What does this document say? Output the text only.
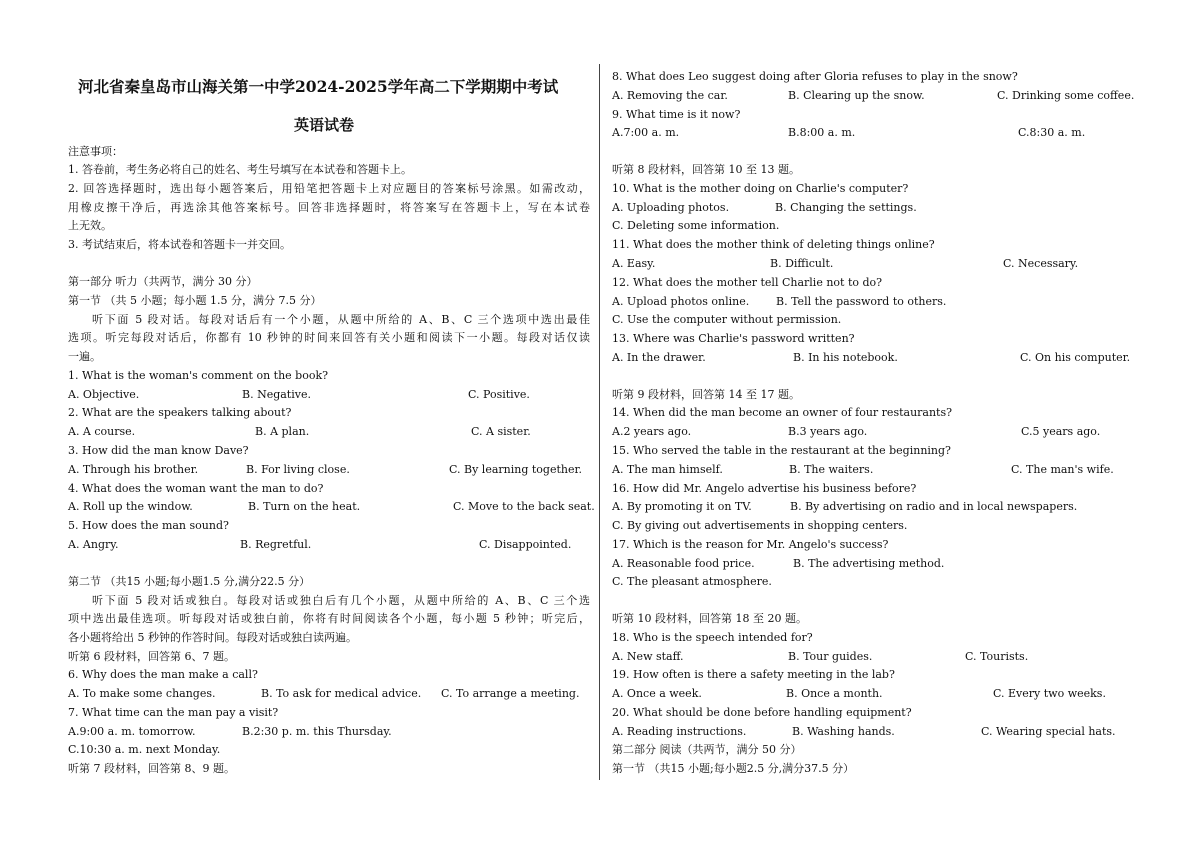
河北省秦皇岛市山海关第一中学2024-2025学年高二下学期期中考试
英语试卷
注意事项：
1. 答卷前，考生务必将自己的姓名、考生号填写在本试卷和答题卡上。
2. 回答选择题时，选出每小题答案后，用铅笔把答题卡上对应题目的答案标号涂黑。如需改动，
用橡皮擦干净后，再选涂其他答案标号。回答非选择题时，将答案写在答题卡上，写在本试卷
上无效。
3. 考试结束后，将本试卷和答题卡一并交回。
第一部分 听力（共两节，满分 30 分）
第一节 （共 5 小题；每小题 1.5 分，满分 7.5 分）
听下面 5 段对话。每段对话后有一个小题，从题中所给的 A、B、C 三个选项中选出最佳
选项。听完每段对话后，你都有 10 秒钟的时间来回答有关小题和阅读下一小题。每段对话仅读
一遍。
1. What is the woman's comment on the book?
A. Objective.	B. Negative.	C. Positive.
2. What are the speakers talking about?
A. A course.	B. A plan.	C. A sister.
3. How did the man know Dave?
A. Through his brother.	B. For living close.	C. By learning together.
4. What does the woman want the man to do?
A. Roll up the window.	B. Turn on the heat.	C. Move to the back seat.
5. How does the man sound?
A. Angry.	B. Regretful.	C. Disappointed.
第二节 （共15 小题;每小题1.5 分,满分22.5 分）
听下面 5 段对话或独白。每段对话或独白后有几个小题，从题中所给的 A、B、C 三个选
项中选出最佳选项。听每段对话或独白前，你将有时间阅读各个小题，每小题 5 秒钟；听完后，
各小题将给出 5 秒钟的作答时间。每段对话或独白读两遍。
听第 6 段材料，回答第 6、7 题。
6. Why does the man make a call?
A. To make some changes.	B. To ask for medical advice. C. To arrange a meeting.
7. What time can the man pay a visit?
A.9:00 a. m. tomorrow.	B.2:30 p. m. this Thursday.
C.10:30 a. m. next Monday.
听第 7 段材料，回答第 8、9 题。
8. What does Leo suggest doing after Gloria refuses to play in the snow?
A. Removing the car.	B. Clearing up the snow.	C. Drinking some coffee.
9. What time is it now?
A.7:00 a. m.	B.8:00 a. m.	C.8:30 a. m.
听第 8 段材料，回答第 10 至 13 题。
10. What is the mother doing on Charlie's computer?
A. Uploading photos.	B. Changing the settings.
C. Deleting some information.
11. What does the mother think of deleting things online?
A. Easy.	B. Difficult.	C. Necessary.
12. What does the mother tell Charlie not to do?
A. Upload photos online. B. Tell the password to others.
C. Use the computer without permission.
13. Where was Charlie's password written?
A. In the drawer.	B. In his notebook.	C. On his computer.
听第 9 段材料，回答第 14 至 17 题。
14. When did the man become an owner of four restaurants?
A.2 years ago.	B.3 years ago.	C.5 years ago.
15. Who served the table in the restaurant at the beginning?
A. The man himself.	B. The waiters.	C. The man's wife.
16. How did Mr. Angelo advertise his business before?
A. By promoting it on TV.	B. By advertising on radio and in local newspapers.
C. By giving out advertisements in shopping centers.
17. Which is the reason for Mr. Angelo's success?
A. Reasonable food price.	B. The advertising method.
C. The pleasant atmosphere.
听第 10 段材料，回答第 18 至 20 题。
18. Who is the speech intended for?
A. New staff.	B. Tour guides.	C. Tourists.
19. How often is there a safety meeting in the lab?
A. Once a week.	B. Once a month.	C. Every two weeks.
20. What should be done before handling equipment?
A. Reading instructions.	B. Washing hands.	C. Wearing special hats.
第二部分 阅读（共两节，满分 50 分）
第一节 （共15 小题;每小题2.5 分,满分37.5 分）
